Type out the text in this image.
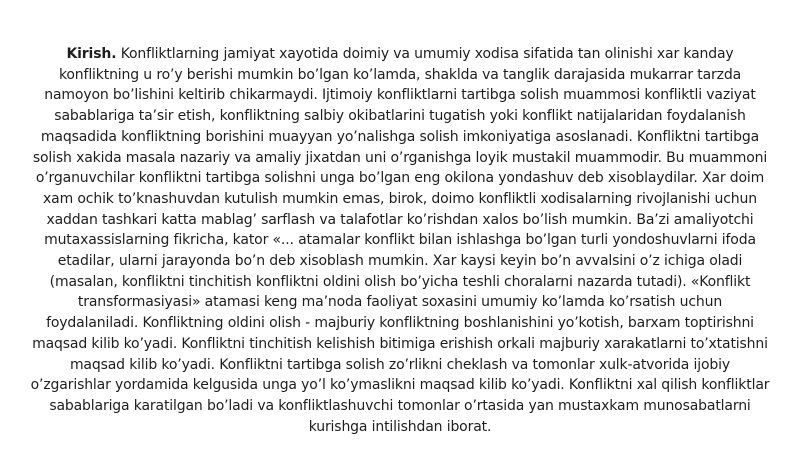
Kirish. Konfliktlarning jamiyat xayotida doimiy va umumiy xodisa sifatida tan olinishi xar kanday konfliktning u ro’y berishi mumkin bo’lgan ko’lamda, shaklda va tanglik darajasida mukarrar tarzda namoyon bo’lishini keltirib chikarmaydi. Ijtimoiy konfliktlarni tartibga solish muammosi konfliktli vaziyat sabablariga ta’sir etish, konfliktning salbiy okibatlarini tugatish yoki konflikt natijalaridan foydalanish maqsadida konfliktning borishini muayyan yo’nalishga solish imkoniyatiga asoslanadi. Konfliktni tartibga solish xakida masala nazariy va amaliy jixatdan uni o’rganishga loyik mustakil muammodir. Bu muammoni o’rganuvchilar konfliktni tartibga solishni unga bo’lgan eng okilona yondashuv deb xisoblaydilar. Xar doim xam ochik to’knashuvdan kutulish mumkin emas, birok, doimo konfliktli xodisalarning rivojlanishi uchun xaddan tashkari katta mablag’ sarflash va talafotlar ko’rishdan xalos bo’lish mumkin. Ba’zi amaliyotchi mutaxassislarning fikricha, kator «... atamalar konflikt bilan ishlashga bo’lgan turli yondoshuvlarni ifoda etadilar, ularni jarayonda bo’n deb xisoblash mumkin. Xar kaysi keyin bo’n avvalsini o’z ichiga oladi (masalan, konfliktni tinchitish konfliktni oldini olish bo’yicha teshli choralarni nazarda tutadi). «Konflikt transformasiyasi» atamasi keng ma’noda faoliyat soxasini umumiy ko’lamda ko’rsatish uchun foydalaniladi. Konfliktning oldini olish - majburiy konfliktning boshlanishini yo’kotish, barxam toptirishni maqsad kilib ko’yadi. Konfliktni tinchitish kelishish bitimiga erishish orkali majburiy xarakatlarni to’xtatishni maqsad kilib ko’yadi. Konfliktni tartibga solish zo’rlikni cheklash va tomonlar xulk-atvorida ijobiy o’zgarishlar yordamida kelgusida unga yo’l ko’ymaslikni maqsad kilib ko’yadi. Konfliktni xal qilish konfliktlar sabablariga karatilgan bo’ladi va konfliktlashuvchi tomonlar o’rtasida yan mustaxkam munosabatlarni kurishga intilishdan iborat.
